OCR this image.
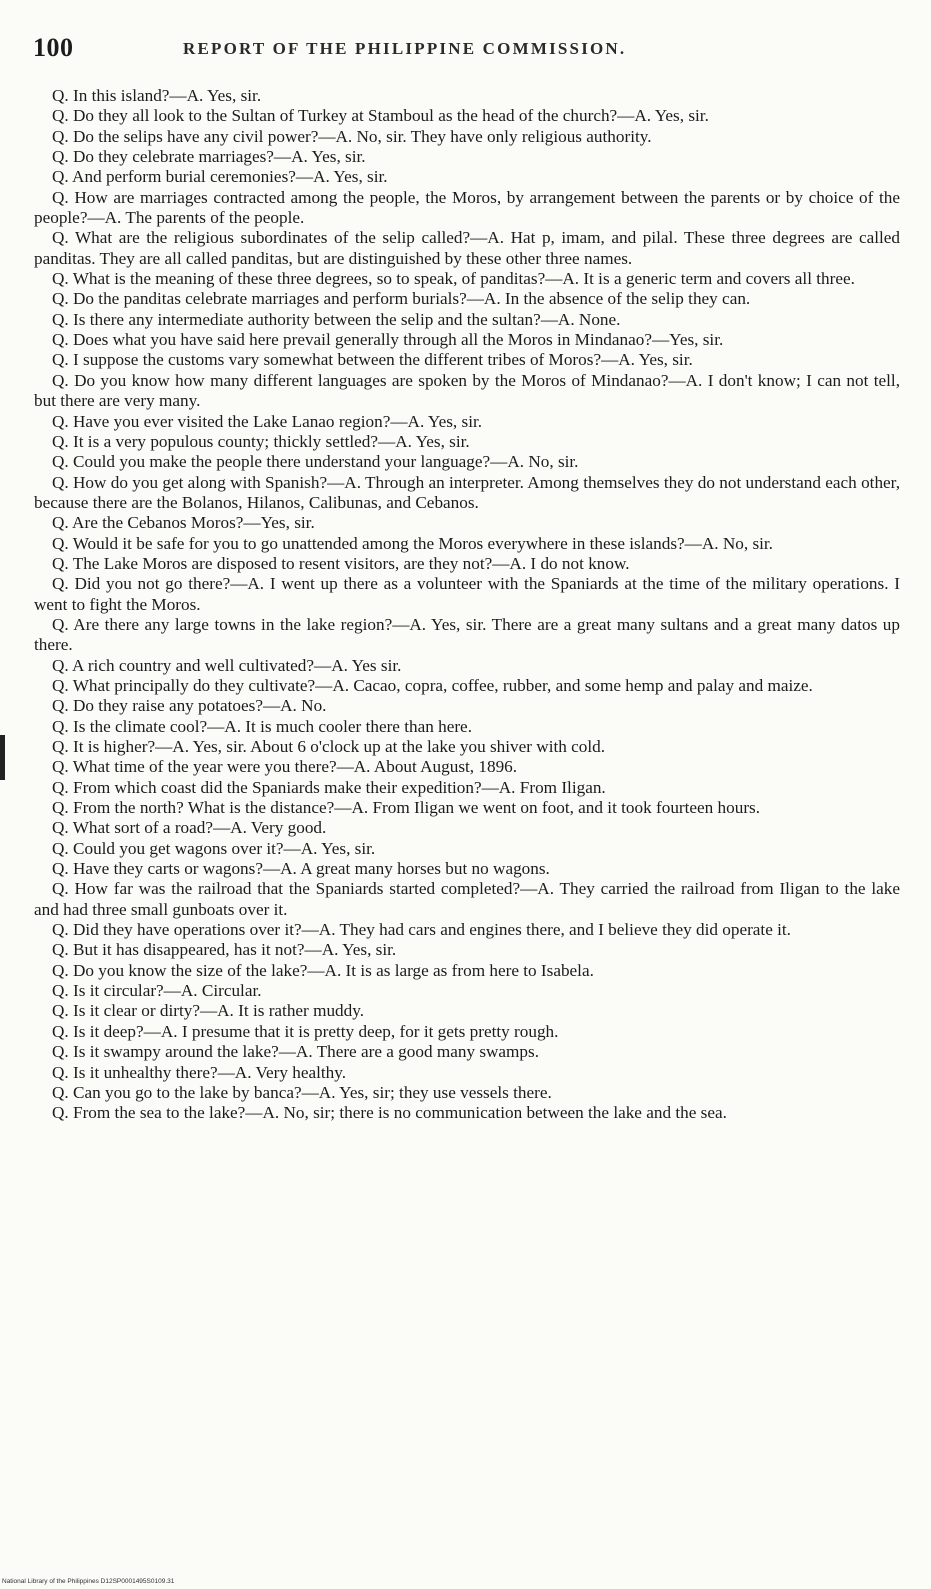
100	REPORT OF THE PHILIPPINE COMMISSION.

Q. In this island?—A. Yes, sir.

Q. Do they all look to the Sultan of Turkey at Stamboul as the head of the church?—A. Yes, sir.

Q. Do the selips have any civil power?—A. No, sir. They have only religious authority.

Q. Do they celebrate marriages?—A. Yes, sir.

Q. And perform burial ceremonies?—A. Yes, sir.

Q. How are marriages contracted among the people, the Moros, by arrangement between the parents or by choice of the people?—A. The parents of the people.

Q. What are the religious subordinates of the selip called?—A. Hat p, imam, and pilal. These three degrees are called panditas. They are all called panditas, but are distinguished by these other three names.

Q. What is the meaning of these three degrees, so to speak, of panditas?—A. It is a generic term and covers all three.

Q. Do the panditas celebrate marriages and perform burials?—A. In the absence of the selip they can.

Q. Is there any intermediate authority between the selip and the sultan?—A. None.

Q. Does what you have said here prevail generally through all the Moros in Mindanao?—Yes, sir.

Q. I suppose the customs vary somewhat between the different tribes of Moros?—A. Yes, sir.

Q. Do you know how many different languages are spoken by the Moros of Mindanao?—A. I don't know; I can not tell, but there are very many.

Q. Have you ever visited the Lake Lanao region?—A. Yes, sir.

Q. It is a very populous county; thickly settled?—A. Yes, sir.

Q. Could you make the people there understand your language?—A. No, sir.

Q. How do you get along with Spanish?—A. Through an interpreter. Among themselves they do not understand each other, because there are the Bolanos, Hilanos, Calibunas, and Cebanos.

Q. Are the Cebanos Moros?—Yes, sir.

Q. Would it be safe for you to go unattended among the Moros everywhere in these islands?—A. No, sir.

Q. The Lake Moros are disposed to resent visitors, are they not?—A. I do not know.

Q. Did you not go there?—A. I went up there as a volunteer with the Spaniards at the time of the military operations. I went to fight the Moros.

Q. Are there any large towns in the lake region?—A. Yes, sir. There are a great many sultans and a great many datos up there.

Q. A rich country and well cultivated?—A. Yes sir.

Q. What principally do they cultivate?—A. Cacao, copra, coffee, rubber, and some hemp and palay and maize.

Q. Do they raise any potatoes?—A. No.

Q. Is the climate cool?—A. It is much cooler there than here.

Q. It is higher?—A. Yes, sir. About 6 o'clock up at the lake you shiver with cold.

Q. What time of the year were you there?—A. About August, 1896.

Q. From which coast did the Spaniards make their expedition?—A. From Iligan.

Q. From the north? What is the distance?—A. From Iligan we went on foot, and it took fourteen hours.

Q. What sort of a road?—A. Very good.

Q. Could you get wagons over it?—A. Yes, sir.

Q. Have they carts or wagons?—A. A great many horses but no wagons.

Q. How far was the railroad that the Spaniards started completed?—A. They carried the railroad from Iligan to the lake and had three small gunboats over it.

Q. Did they have operations over it?—A. They had cars and engines there, and I believe they did operate it.

Q. But it has disappeared, has it not?—A. Yes, sir.

Q. Do you know the size of the lake?—A. It is as large as from here to Isabela.

Q. Is it circular?—A. Circular.

Q. Is it clear or dirty?—A. It is rather muddy.

Q. Is it deep?—A. I presume that it is pretty deep, for it gets pretty rough.

Q. Is it swampy around the lake?—A. There are a good many swamps.

Q. Is it unhealthy there?—A. Very healthy.

Q. Can you go to the lake by banca?—A. Yes, sir; they use vessels there.

Q. From the sea to the lake?—A. No, sir; there is no communication between the lake and the sea.

National Library of the Philippines D12SP0001495S0109.31
